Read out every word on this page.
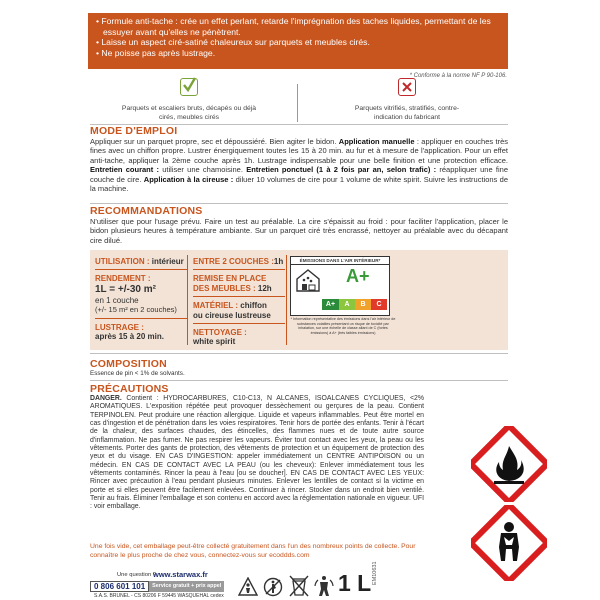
• Formule anti-tache : crée un effet perlant, retarde l'imprégnation des taches liquides, permettant de les essuyer avant qu'elles ne pénètrent.
• Laisse un aspect ciré-satiné chaleureux sur parquets et meubles cirés.
• Ne poisse pas après lustrage.
* Conforme à la norme NF P 90-106.
Parquets et escaliers bruts, décapés ou déjà cirés, meubles cirés
Parquets vitrifiés, stratifiés, contre-indication du fabricant
MODE D'EMPLOI
Appliquer sur un parquet propre, sec et dépoussiéré. Bien agiter le bidon. Application manuelle : appliquer en couches très fines avec un chiffon propre. Lustrer énergiquement toutes les 15 à 20 min. au fur et à mesure de l'application. Pour un effet anti-tache, appliquer la 2ème couche après 1h. Lustrage indispensable pour une belle finition et une protection efficace. Entretien courant : utiliser une chamoisine. Entretien ponctuel (1 à 2 fois par an, selon trafic) : réappliquer une fine couche de cire. Application à la cireuse : diluer 10 volumes de cire pour 1 volume de white spirit. Suivre les instructions de la machine.
RECOMMANDATIONS
N'utiliser que pour l'usage prévu. Faire un test au préalable. La cire s'épaissit au froid : pour faciliter l'application, placer le bidon plusieurs heures à température ambiante. Sur un parquet ciré très encrassé, nettoyer au préalable avec du décapant cire dilué.
UTILISATION : intérieur
RENDEMENT :
1L = +/-30 m²
en 1 couche
(+/- 15 m² en 2 couches)
LUSTRAGE :
après 15 à 20 min.
ENTRE 2 COUCHES :1h
REMISE EN PLACE
DES MEUBLES : 12h
MATÉRIEL : chiffon
ou cireuse lustreuse
NETTOYAGE :
white spirit
ÉMISSIONS DANS L'AIR INTÉRIEUR*
A+
A+	A	B	C
* Information représentative des émissions dans l'air intérieur de substances volatiles présentant un risque de toxicité par inhalation, sur une échelle de classe allant de C (fortes émissions) à A+ (très faibles émissions)
COMPOSITION
Essence de pin < 1% de solvants.
PRÉCAUTIONS
DANGER. Contient : HYDROCARBURES, C10-C13, N ALCANES, ISOALCANES CYCLIQUES, <2% AROMATIQUES. L'exposition répétée peut provoquer dessèchement ou gerçures de la peau. Contient TERPINOLEN. Peut produire une réaction allergique. Liquide et vapeurs inflammables. Peut être mortel en cas d'ingestion et de pénétration dans les voies respiratoires. Tenir hors de portée des enfants. Tenir à l'écart de la chaleur, des surfaces chaudes, des étincelles, des flammes nues et de toute autre source d'inflammation. Ne pas fumer. Ne pas respirer les vapeurs. Éviter tout contact avec les yeux, la peau ou les vêtements. Porter des gants de protection, des vêtements de protection et un équipement de protection des yeux et du visage. EN CAS D'INGESTION: appeler immédiatement un CENTRE ANTIPOISON ou un médecin. EN CAS DE CONTACT AVEC LA PEAU (ou les cheveux): Enlever immédiatement tous les vêtements contaminés. Rincer la peau à l'eau [ou se doucher]. EN CAS DE CONTACT AVEC LES YEUX: Rincer avec précaution à l'eau pendant plusieurs minutes. Enlever les lentilles de contact si la victime en porte et si elles peuvent être facilement enlevées. Continuer à rincer. Stocker dans un endroit bien ventilé. Tenir au frais. Éliminer l'emballage et son contenu en accord avec la réglementation nationale en vigueur. UFI : voir emballage.
Une fois vide, cet emballage peut-être collecté gratuitement dans l'un des nombreux points de collecte. Pour connaître le plus proche de chez vous, connectez-vous sur ecoddds.com
Une question ?
www.starwax.fr
0 806 601 101	Service gratuit + prix appel
S.A.S. BRUNEL - CS 80206 F 59445 WASQUEHAL cedex	1 L EM10631
